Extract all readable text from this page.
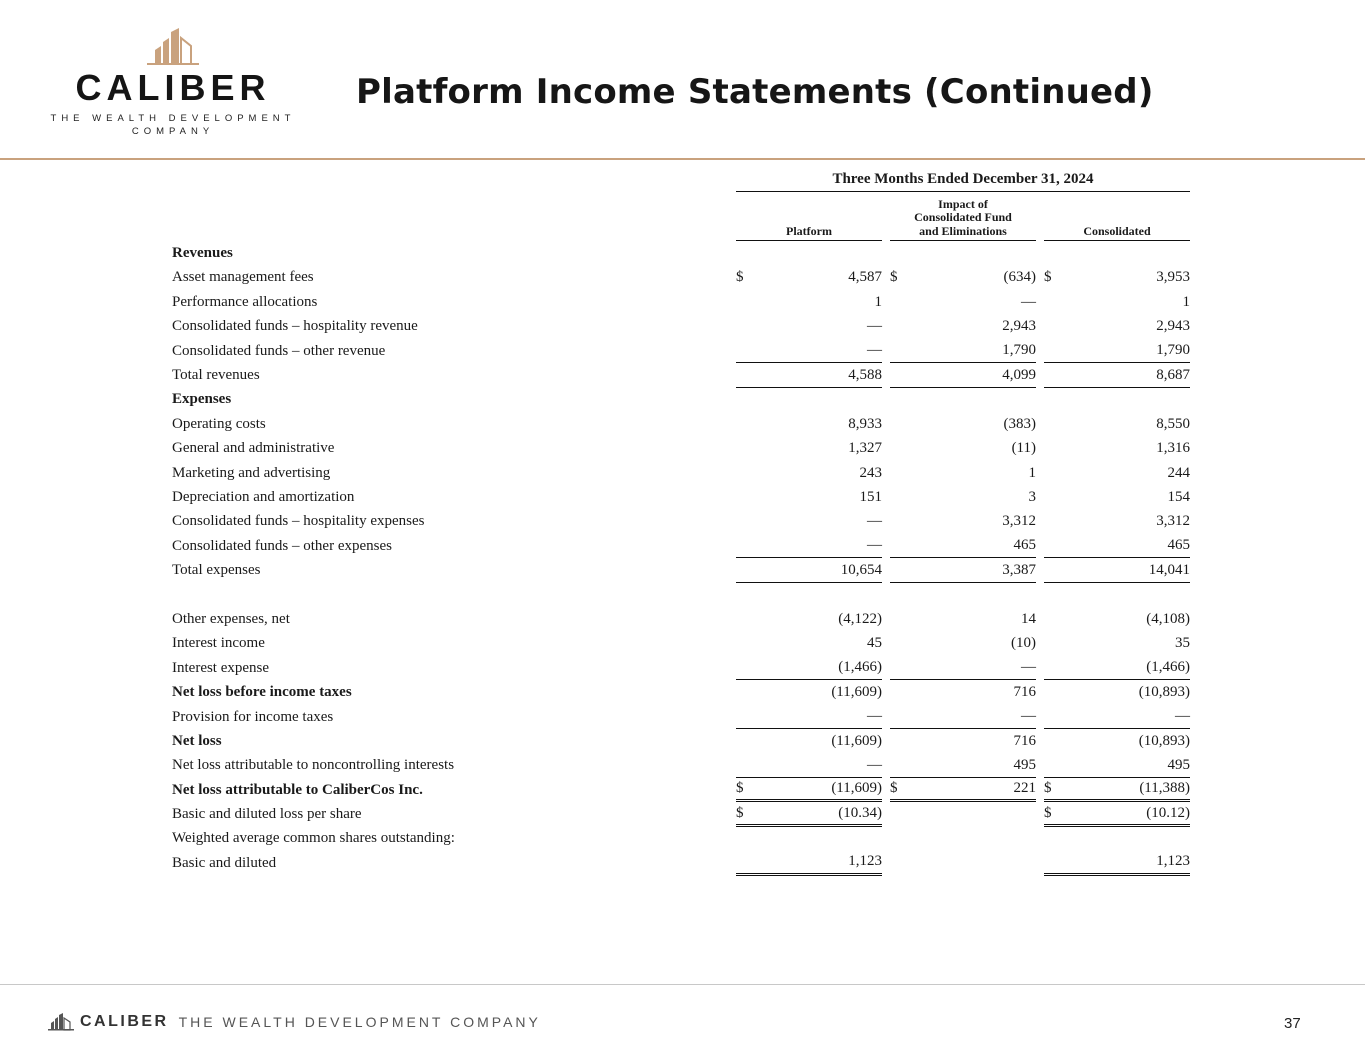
CALIBER
THE WEALTH DEVELOPMENT
COMPANY
Platform Income Statements (Continued)
	Three Months Ended December 31, 2024							
	Platform			Impact of
Consolidated Fund
and Eliminations			Consolidated	
Revenues								
Asset management fees	$	4,587		$	(634)		$	3,953
Performance allocations		1			—			1
Consolidated funds – hospitality revenue		—			2,943			2,943
Consolidated funds – other revenue		—			1,790			1,790
Total revenues		4,588			4,099			8,687
Expenses								
Operating costs		8,933			(383)			8,550
General and administrative		1,327			(11)			1,316
Marketing and advertising		243			1			244
Depreciation and amortization		151			3			154
Consolidated funds – hospitality expenses		—			3,312			3,312
Consolidated funds – other expenses		—			465			465
Total expenses		10,654			3,387			14,041

Other expenses, net		(4,122)			14			(4,108)
Interest income		45			(10)			35
Interest expense		(1,466)			—			(1,466)
Net loss before income taxes		(11,609)			716			(10,893)
Provision for income taxes		—			—			—
Net loss		(11,609)			716			(10,893)
Net loss attributable to noncontrolling interests		—			495			495
Net loss attributable to CaliberCos Inc.	$	(11,609)		$	221		$	(11,388)
Basic and diluted loss per share	$	(10.34)					$	(10.12)
Weighted average common shares outstanding:								
Basic and diluted		1,123						1,123
CALIBER THE WEALTH DEVELOPMENT COMPANY	37
